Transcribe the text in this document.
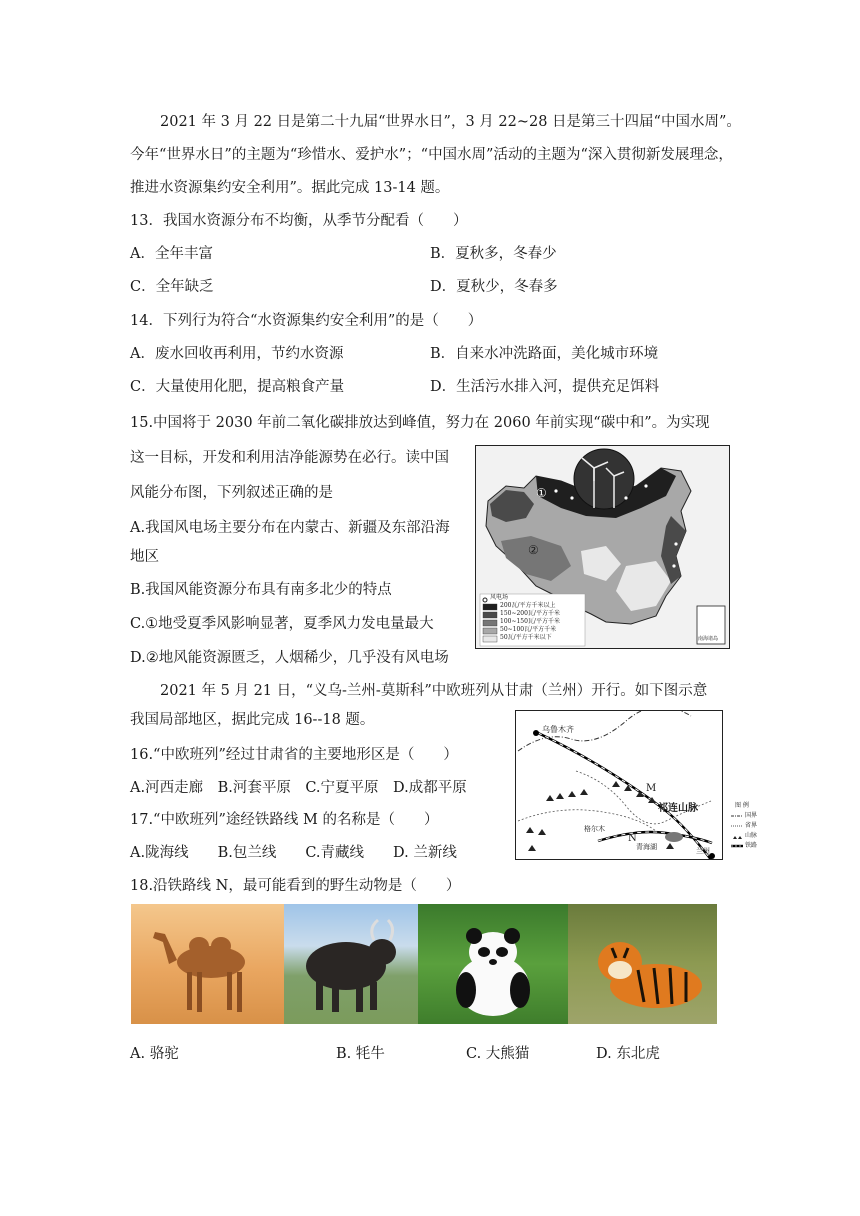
2021 年 3 月 22 日是第二十九届“世界水日”，3 月 22~28 日是第三十四届“中国水周”。
今年“世界水日”的主题为“珍惜水、爱护水”；“中国水周”活动的主题为“深入贯彻新发展理念，
推进水资源集约安全利用”。据此完成 13-14 题。
13．我国水资源分布不均衡，从季节分配看（　　）
A．全年丰富	B．夏秋多，冬春少
C．全年缺乏	D．夏秋少，冬春多
14．下列行为符合“水资源集约安全利用”的是（　　）
A．废水回收再利用，节约水资源	B．自来水冲洗路面，美化城市环境
C．大量使用化肥，提高粮食产量	D．生活污水排入河，提供充足饵料
15.中国将于 2030 年前二氧化碳排放达到峰值，努力在 2060 年前实现“碳中和”。为实现
这一目标，开发和利用洁净能源势在必行。读中国
风能分布图，下列叙述正确的是
A.我国风电场主要分布在内蒙古、新疆及东部沿海
地区
B.我国风能资源分布具有南多北少的特点
C.①地受夏季风影响显著，夏季风力发电量最大
D.②地风能资源匮乏，人烟稀少，几乎没有风电场
①
②
风电场
200瓦/平方千米以上
150~200瓦/平方千米
100~150瓦/平方千米
50~100瓦/平方千米
50瓦/平方千米以下	南海诸岛
2021 年 5 月 21 日，“义乌-兰州-莫斯科”中欧班列从甘肃（兰州）开行。如下图示意
我国局部地区，据此完成 16--18 题。
16.“中欧班列”经过甘肃省的主要地形区是（　　）
A.河西走廊　B.河套平原　C.宁夏平原　D.成都平原
17.“中欧班列”途经铁路线 M 的名称是（　　）
A.陇海线　　B.包兰线　　C.青藏线　　D. 兰新线
乌鲁木齐
M
N
格尔木
青海湖	兰州
祁连山脉	图 例
国界
省界
山脉
铁路
18.沿铁路线 N，最可能看到的野生动物是（　　）
A. 骆驼	B. 牦牛	C. 大熊猫	D. 东北虎
